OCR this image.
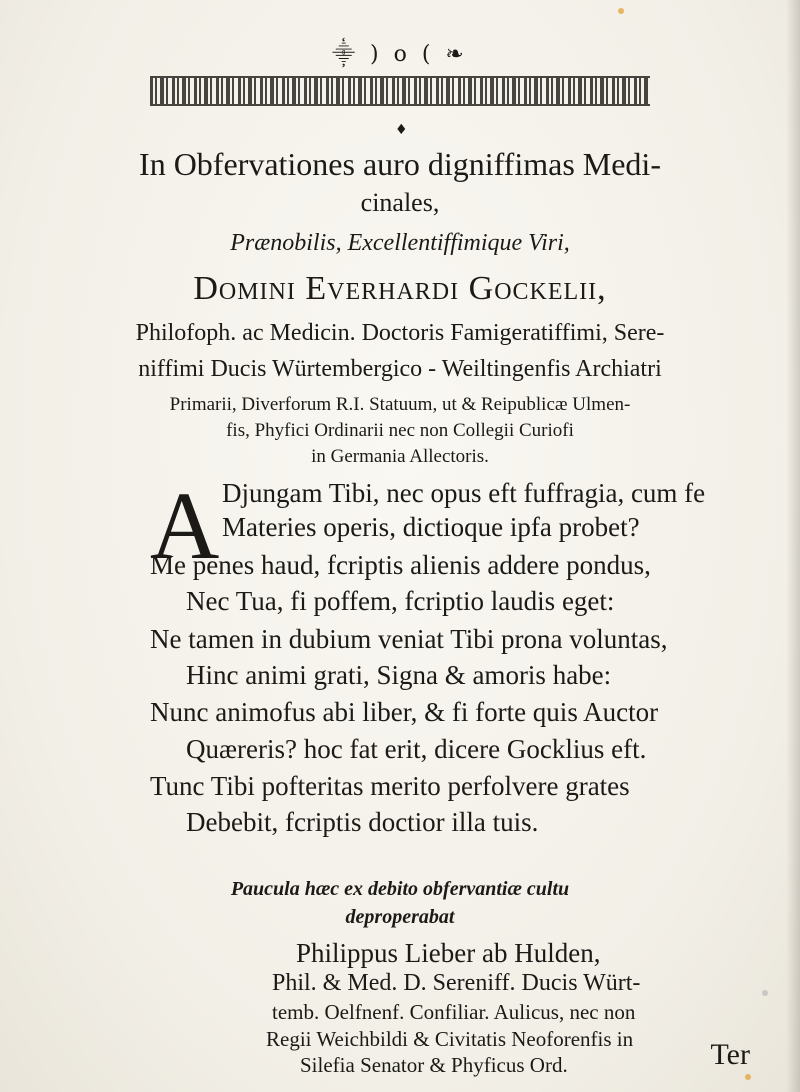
⸎ ) o ( ❧
♦
In Obfervationes auro digniffimas Medi-
cinales,
Prænobilis, Excellentiffimique Viri,
Domini Everhardi Gockelii,
Philofoph. ac Medicin. Doctoris Famigeratiffimi, Sere-
niffimi Ducis Würtembergico - Weiltingenfis Archiatri
Primarii, Diverforum R.I. Statuum, ut & Reipublicæ Ulmen-
fis, Phyfici Ordinarii nec non Collegii Curiofi
in Germania Allectoris.
A Djungam Tibi, nec opus eft fuffragia, cum fe
Materies operis, dictioque ipfa probet?
Me penes haud, fcriptis alienis addere pondus,
Nec Tua, fi poffem, fcriptio laudis eget:
Ne tamen in dubium veniat Tibi prona voluntas,
Hinc animi grati, Signa & amoris habe:
Nunc animofus abi liber, & fi forte quis Auctor
Quæreris? hoc fat erit, dicere Gocklius eft.
Tunc Tibi pofteritas merito perfolvere grates
Debebit, fcriptis doctior illa tuis.
Paucula hæc ex debito obfervantiæ cultu
deproperabat
Philippus Lieber ab Hulden,
Phil. & Med. D. Sereniff. Ducis Würt-
temb. Oelfnenf. Confiliar. Aulicus, nec non
Regii Weichbildi & Civitatis Neoforenfis in
Silefia Senator & Phyficus Ord.	Ter
